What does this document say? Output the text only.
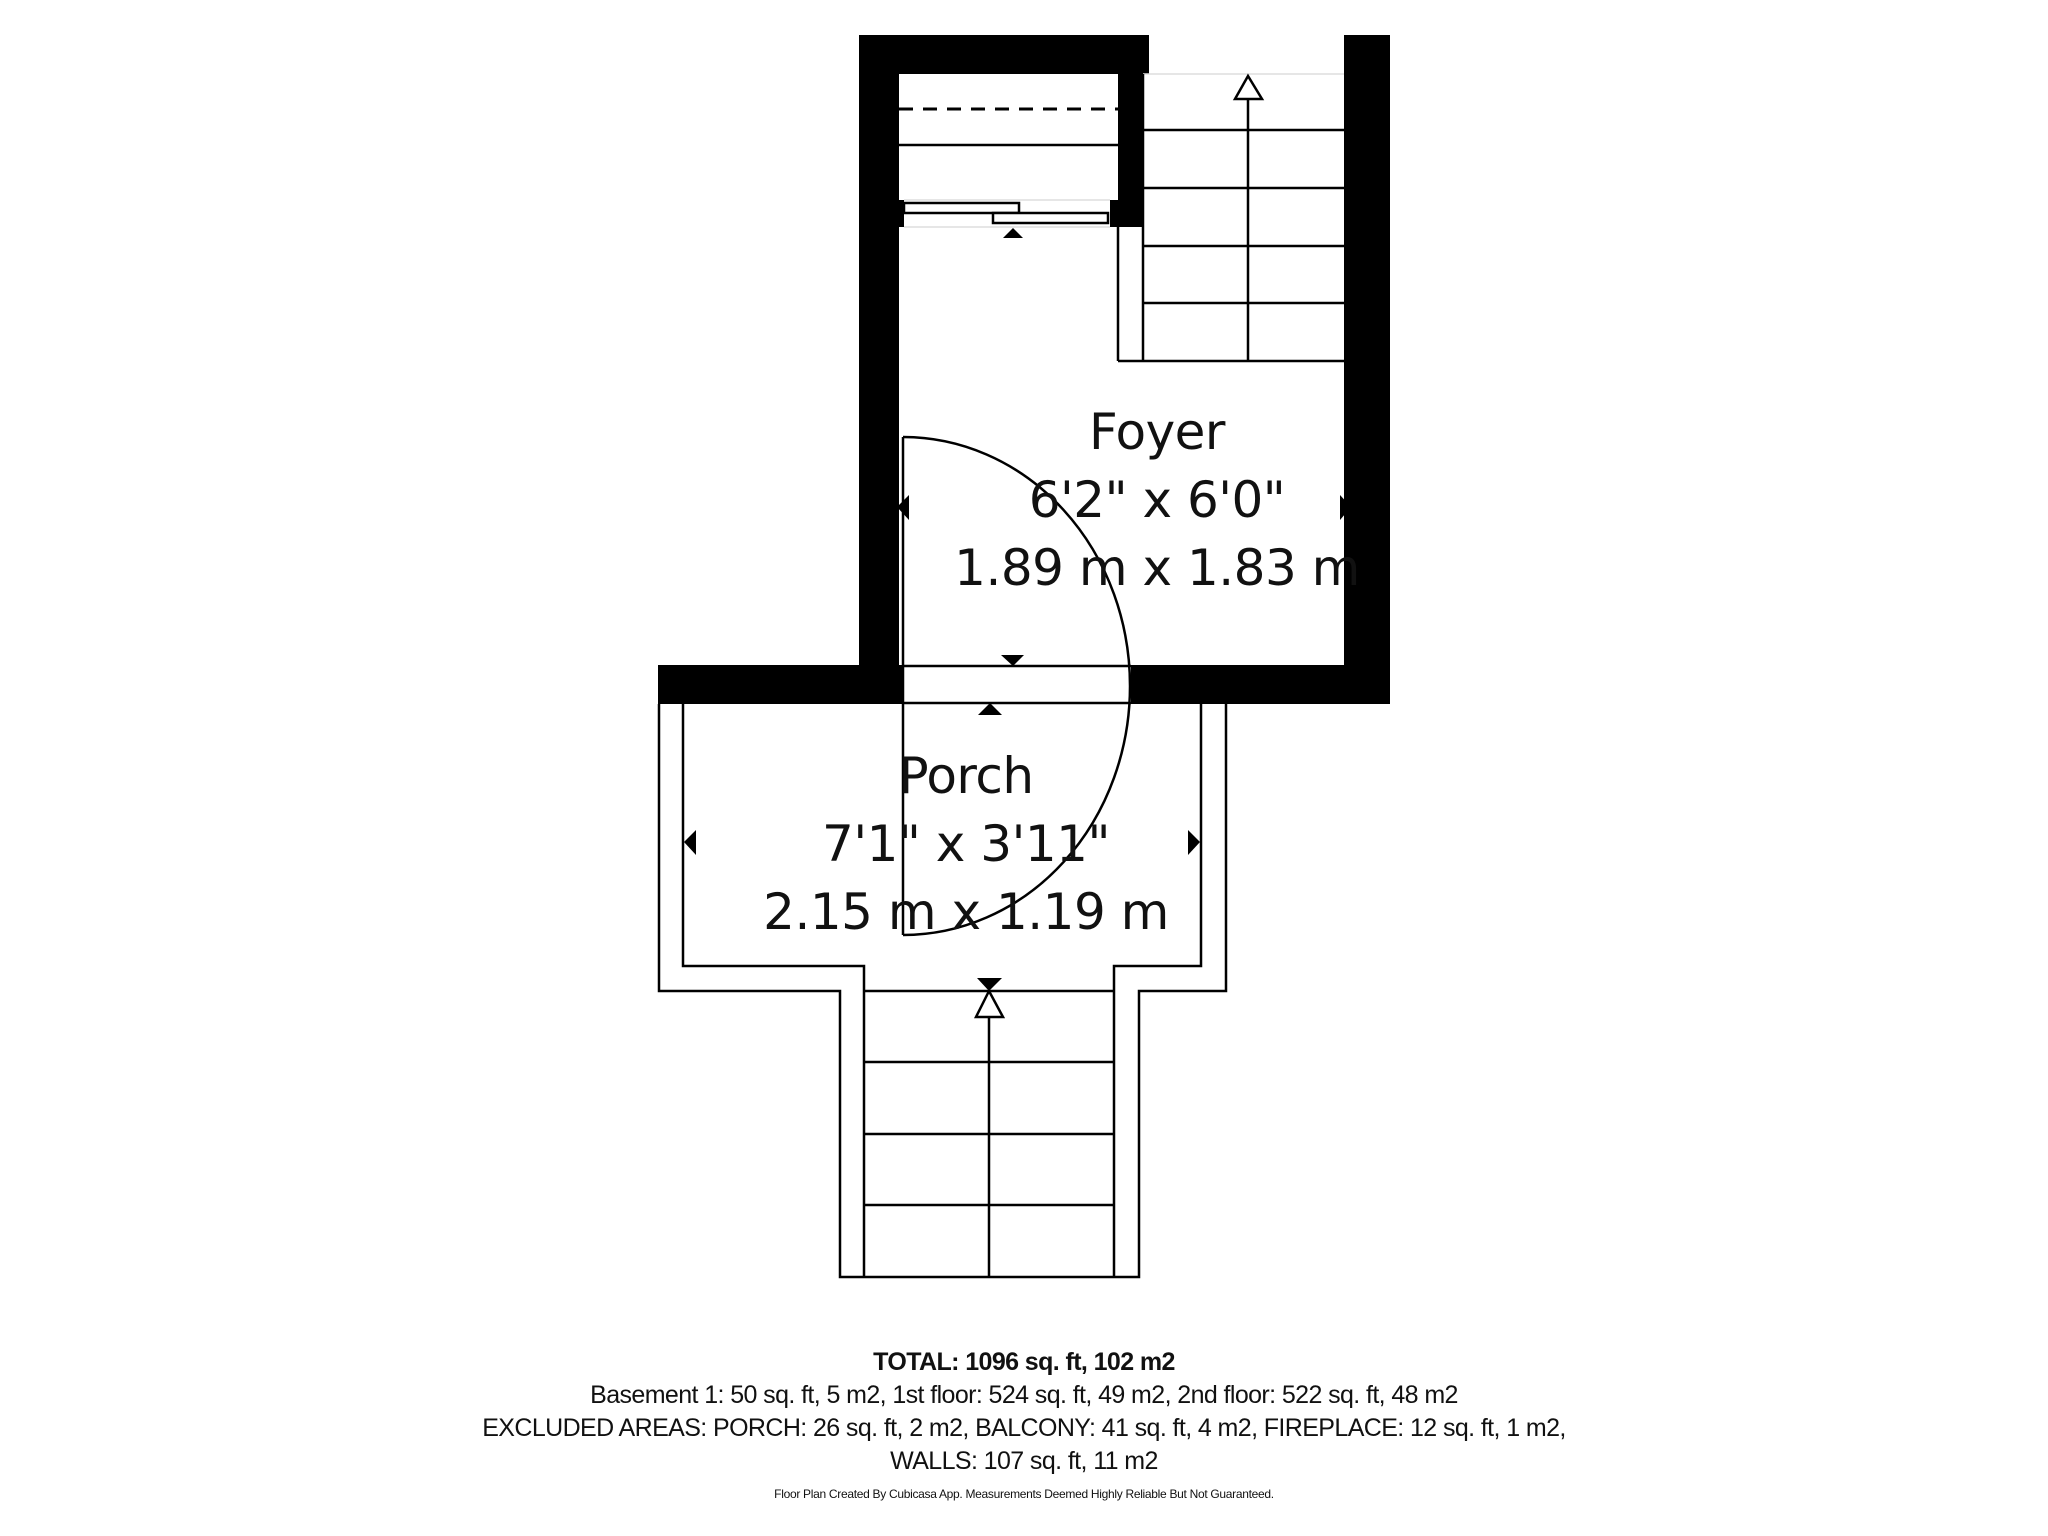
Foyer
6'2" x 6'0"
1.89 m x 1.83 m
Porch
7'1" x 3'11"
2.15 m x 1.19 m
TOTAL: 1096 sq. ft, 102 m2
Basement 1: 50 sq. ft, 5 m2, 1st floor: 524 sq. ft, 49 m2, 2nd floor: 522 sq. ft, 48 m2
EXCLUDED AREAS: PORCH: 26 sq. ft, 2 m2, BALCONY: 41 sq. ft, 4 m2, FIREPLACE: 12 sq. ft, 1 m2,
WALLS: 107 sq. ft, 11 m2
Floor Plan Created By Cubicasa App. Measurements Deemed Highly Reliable But Not Guaranteed.
